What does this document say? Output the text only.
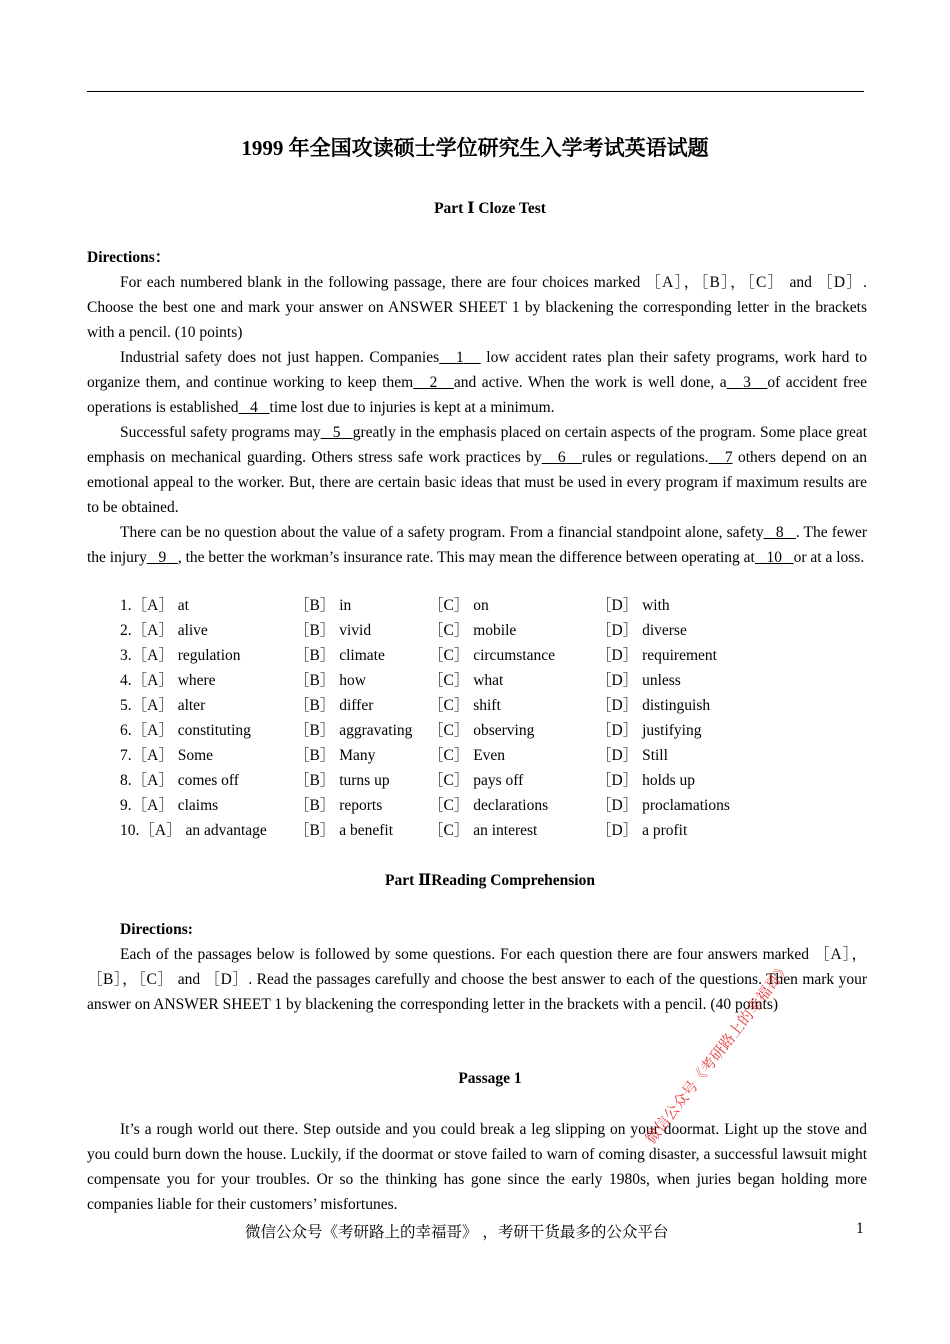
1999 年全国攻读硕士学位研究生入学考试英语试题
Part Ⅰ Cloze Test
Directions：

For each numbered blank in the following passage, there are four choices marked ［A］，［B］，［C］ and ［D］. Choose the best one and mark your answer on ANSWER SHEET 1 by blackening the corresponding letter in the brackets with a pencil. (10 points)

Industrial safety does not just happen. Companies 1    low accident rates plan their safety programs, work hard to organize them, and continue working to keep them 2 and active. When the work is well done, a 3 of accident free operations is established 4 time lost due to injuries is kept at a minimum.

Successful safety programs may 5 greatly in the emphasis placed on certain aspects of the program. Some place great emphasis on mechanical guarding. Others stress safe work practices by 6 rules or regulations. 7 others depend on an emotional appeal to the worker. But, there are certain basic ideas that must be used in every program if maximum results are to be obtained.

There can be no question about the value of a safety program. From a financial standpoint alone, safety 8 . The fewer the injury 9 , the better the workman’s insurance rate. This may mean the difference between operating at 10 or at a loss.

1.［A］ at	［B］ in	［C］ on	［D］ with
2.［A］ alive	［B］ vivid	［C］ mobile	［D］ diverse
3.［A］ regulation	［B］ climate	［C］ circumstance	［D］ requirement
4.［A］ where	［B］ how	［C］ what	［D］ unless
5.［A］ alter	［B］ differ	［C］ shift	［D］ distinguish
6.［A］ constituting	［B］ aggravating ［C］ observing	［D］ justifying
7.［A］ Some	［B］ Many	［C］ Even	［D］ Still
8.［A］ comes off	［B］ turns up ［C］ pays off	［D］ holds up
9.［A］ claims	［B］ reports	［C］ declarations	［D］ proclamations
10.［A］ an advantage ［B］ a benefit ［C］ an interest	［D］ a profit
Part ⅡReading Comprehension
Directions:

Each of the passages below is followed by some questions. For each question there are four answers marked ［A］，［B］，［C］ and ［D］. Read the passages carefully and choose the best answer to each of the questions. Then mark your answer on ANSWER SHEET 1 by blackening the corresponding letter in the brackets with a pencil. (40 points)

Passage 1

It’s a rough world out there. Step outside and you could break a leg slipping on your doormat. Light up the stove and you could burn down the house. Luckily, if the doormat or stove failed to warn of coming disaster, a successful lawsuit might compensate you for your troubles. Or so the thinking has gone since the early 1980s, when juries began holding more companies liable for their customers’ misfortunes.

微信公众号《考研路上的幸福哥》 ，考研干货最多的公众平台	1
微信公众号《考研路上的幸福哥》
